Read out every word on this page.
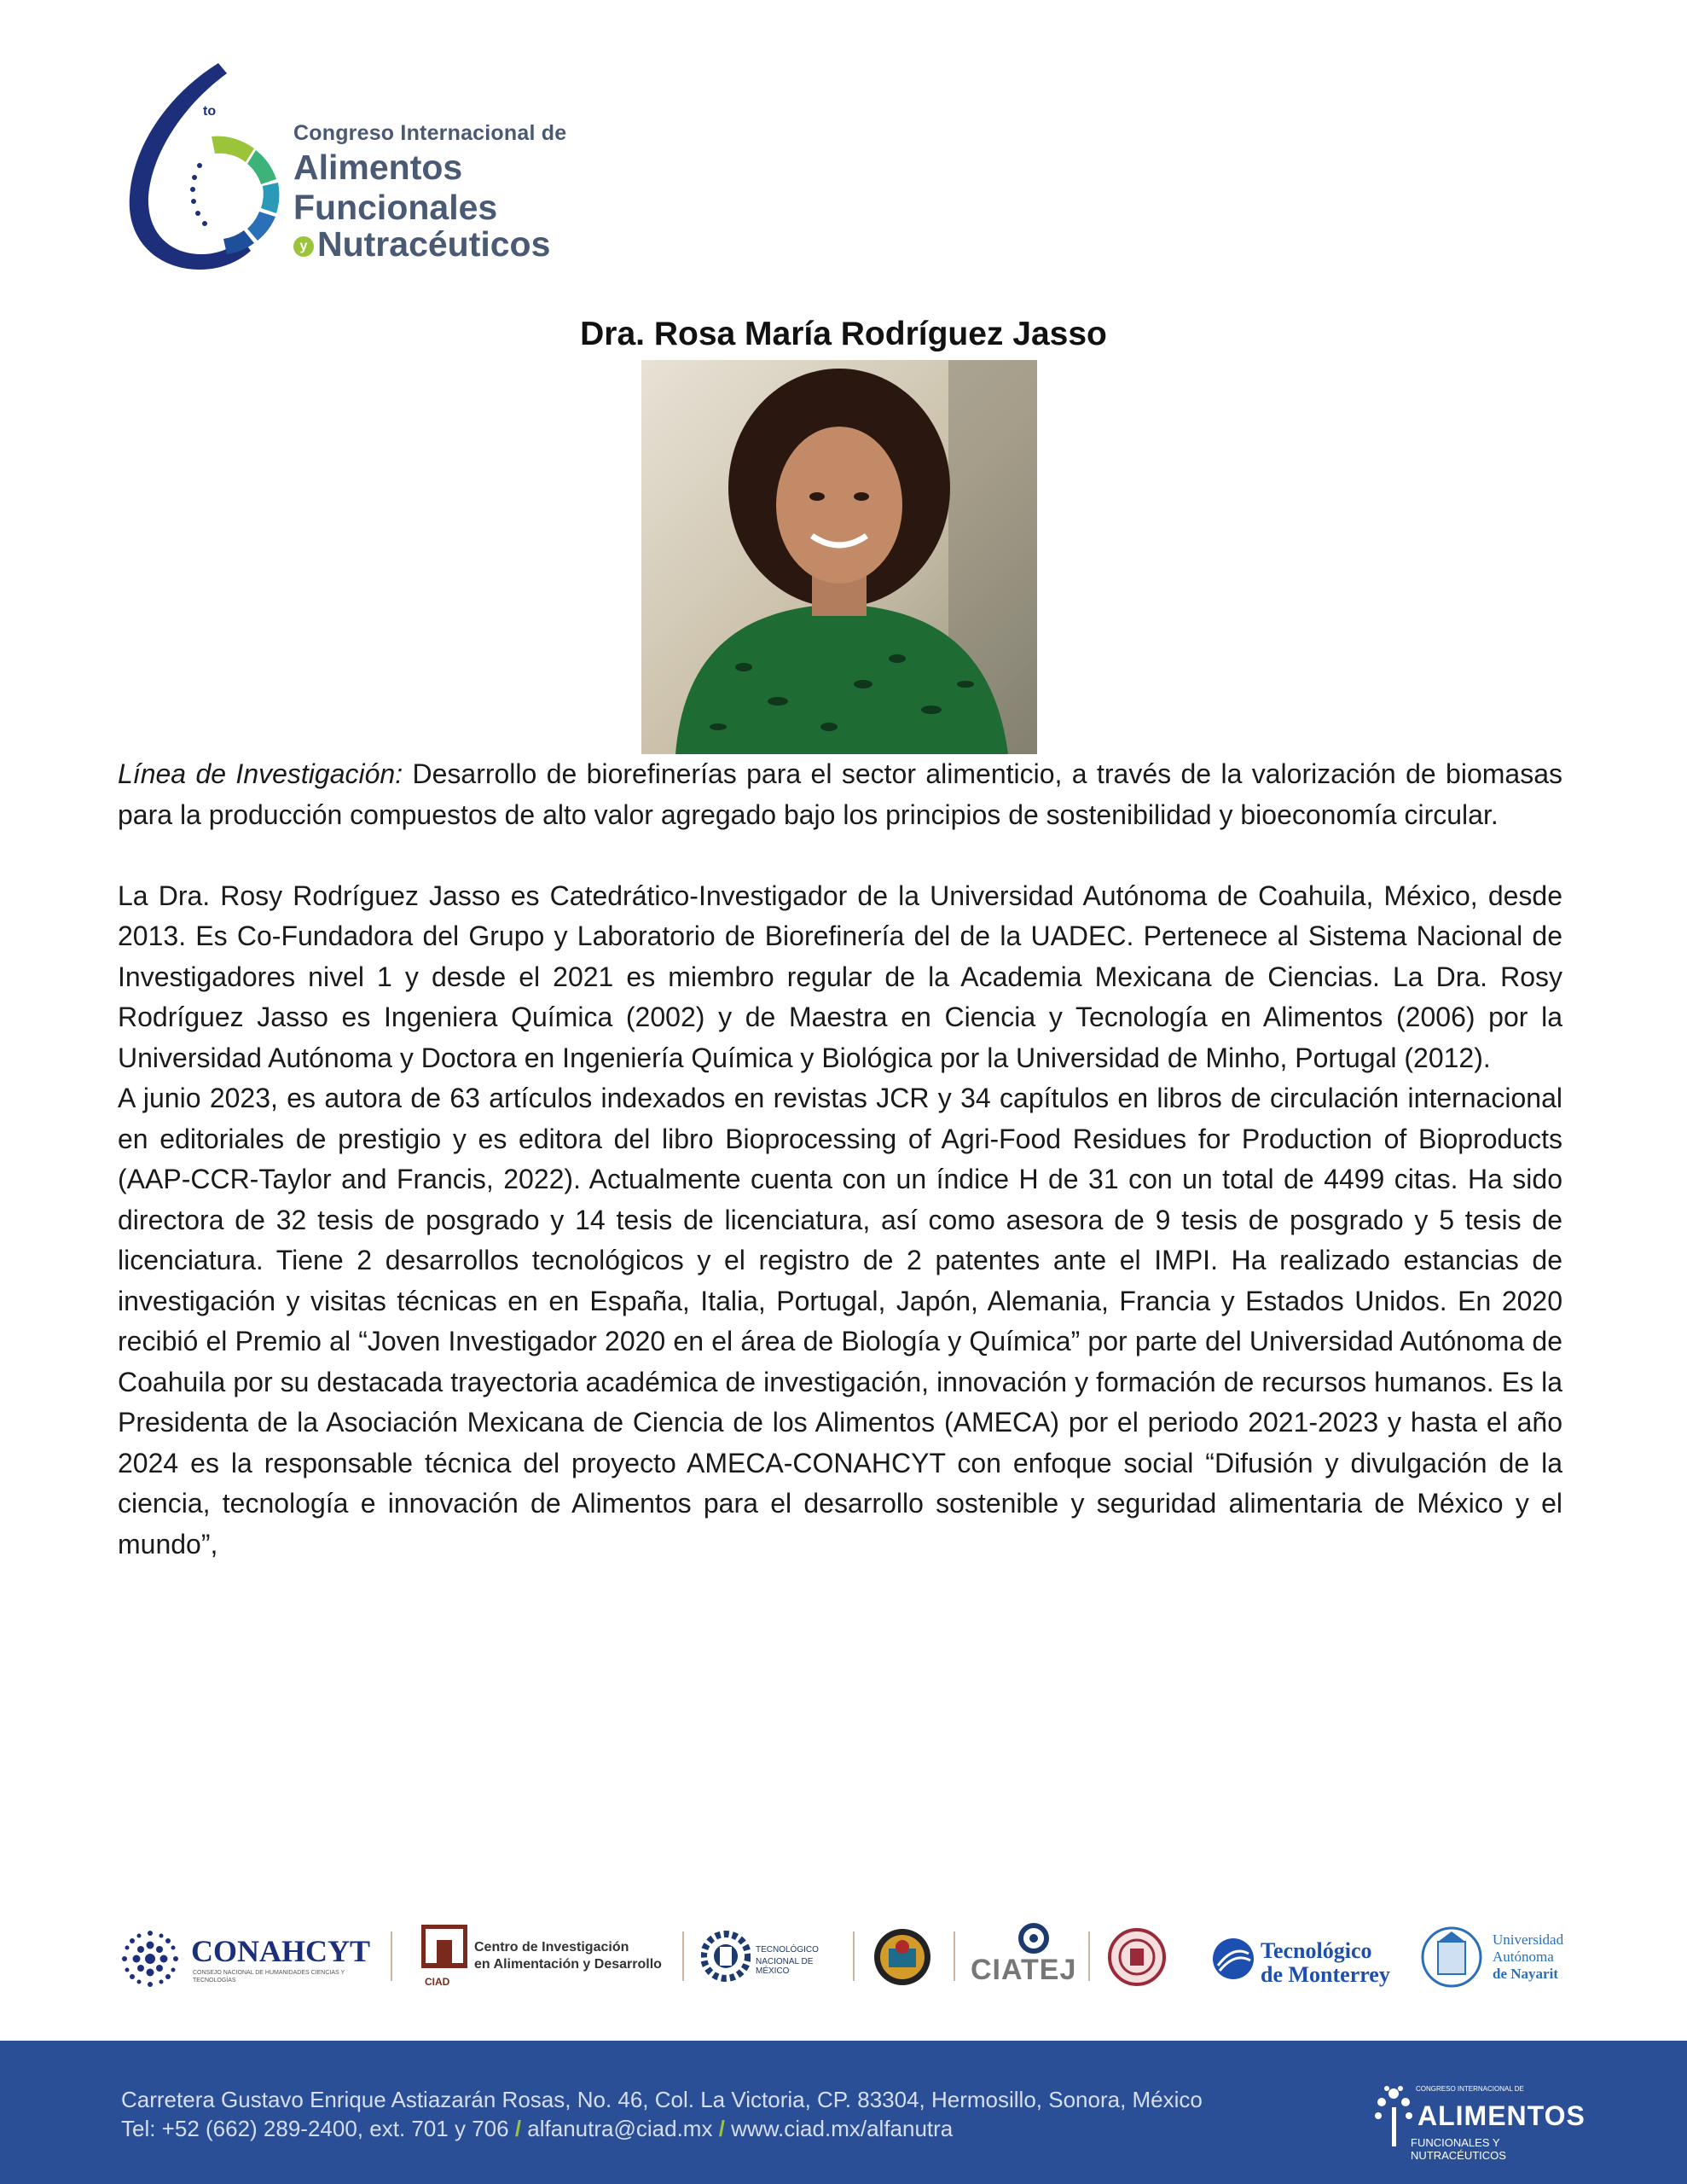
to
Congreso Internacional de
Alimentos Funcionales
y Nutracéuticos
Dra. Rosa María Rodríguez Jasso

Línea de Investigación: Desarrollo de biorefinerías para el sector alimenticio, a través de la valorización de biomasas para la producción compuestos de alto valor agregado bajo los principios de sostenibilidad y bioeconomía circular.

La Dra. Rosy Rodríguez Jasso es Catedrático-Investigador de la Universidad Autónoma de Coahuila, México, desde 2013. Es Co-Fundadora del Grupo y Laboratorio de Biorefinería del de la UADEC. Pertenece al Sistema Nacional de Investigadores nivel 1 y desde el 2021 es miembro regular de la Academia Mexicana de Ciencias. La Dra. Rosy Rodríguez Jasso es Ingeniera Química (2002) y de Maestra en Ciencia y Tecnología en Alimentos (2006) por la Universidad Autónoma y Doctora en Ingeniería Química y Biológica por la Universidad de Minho, Portugal (2012).

A junio 2023, es autora de 63 artículos indexados en revistas JCR y 34 capítulos en libros de circulación internacional en editoriales de prestigio y es editora del libro Bioprocessing of Agri-Food Residues for Production of Bioproducts (AAP-CCR-Taylor and Francis, 2022). Actualmente cuenta con un índice H de 31 con un total de 4499 citas. Ha sido directora de 32 tesis de posgrado y 14 tesis de licenciatura, así como asesora de 9 tesis de posgrado y 5 tesis de licenciatura. Tiene 2 desarrollos tecnológicos y el registro de 2 patentes ante el IMPI. Ha realizado estancias de investigación y visitas técnicas en en España, Italia, Portugal, Japón, Alemania, Francia y Estados Unidos. En 2020 recibió el Premio al “Joven Investigador 2020 en el área de Biología y Química” por parte del Universidad Autónoma de Coahuila por su destacada trayectoria académica de investigación, innovación y formación de recursos humanos. Es la Presidenta de la Asociación Mexicana de Ciencia de los Alimentos (AMECA) por el periodo 2021-2023 y hasta el año 2024 es la responsable técnica del proyecto AMECA-CONAHCYT con enfoque social “Difusión y divulgación de la ciencia, tecnología e innovación de Alimentos para el desarrollo sostenible y seguridad alimentaria de México y el mundo”,

CONAHCYT
CONSEJO NACIONAL DE HUMANIDADES CIENCIAS Y TECNOLOGÍAS	CIAD
Centro de Investigación
en Alimentación y Desarrollo
TECNOLÓGICO
NACIONAL DE MÉXICO	CIATEJ
Tecnológico
de Monterrey
Universidad
Autónoma
de Nayarit
Carretera Gustavo Enrique Astiazarán Rosas, No. 46, Col. La Victoria, CP. 83304, Hermosillo, Sonora, México
Tel: +52 (662) 289-2400, ext. 701 y 706 / alfanutra@ciad.mx / www.ciad.mx/alfanutra
CONGRESO INTERNACIONAL DE
ALIMENTOS
FUNCIONALES Y NUTRACÉUTICOS
